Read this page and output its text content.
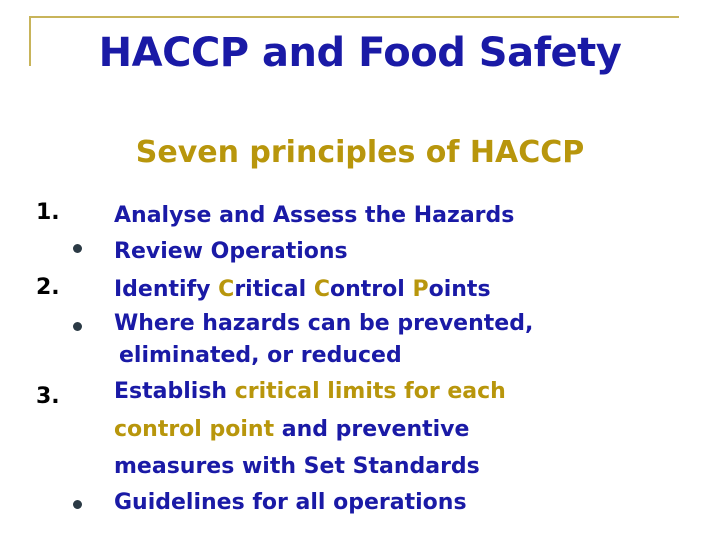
HACCP and Food Safety
Seven principles of HACCP
1.
2.
3.
Analyse and Assess the Hazards
Review Operations
Identify Critical Control Points
Where hazards can be prevented,
eliminated, or reduced
Establish critical limits for each
control point and preventive
measures with Set Standards
Guidelines for all operations
